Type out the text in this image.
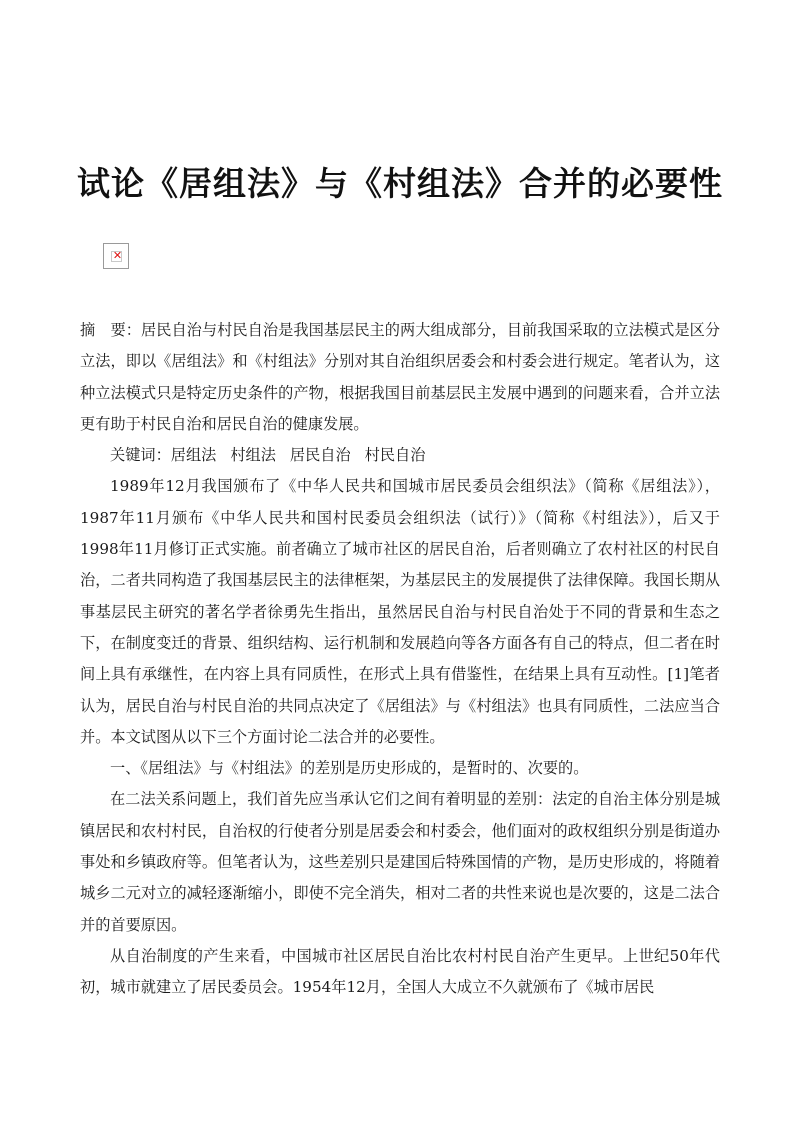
试论《居组法》与《村组法》合并的必要性
✕

摘　要：居民自治与村民自治是我国基层民主的两大组成部分，目前我国采取的立法模式是区分立法，即以《居组法》和《村组法》分别对其自治组织居委会和村委会进行规定。笔者认为，这种立法模式只是特定历史条件的产物，根据我国目前基层民主发展中遇到的问题来看，合并立法更有助于村民自治和居民自治的健康发展。

关键词：居组法 村组法 居民自治 村民自治

1989年12月我国颁布了《中华人民共和国城市居民委员会组织法》（简称《居组法》），1987年11月颁布《中华人民共和国村民委员会组织法（试行）》（简称《村组法》），后又于1998年11月修订正式实施。前者确立了城市社区的居民自治，后者则确立了农村社区的村民自治，二者共同构造了我国基层民主的法律框架，为基层民主的发展提供了法律保障。我国长期从事基层民主研究的著名学者徐勇先生指出，虽然居民自治与村民自治处于不同的背景和生态之下，在制度变迁的背景、组织结构、运行机制和发展趋向等各方面各有自己的特点，但二者在时间上具有承继性，在内容上具有同质性，在形式上具有借鉴性，在结果上具有互动性。[1]笔者认为，居民自治与村民自治的共同点决定了《居组法》与《村组法》也具有同质性，二法应当合并。本文试图从以下三个方面讨论二法合并的必要性。

一、《居组法》与《村组法》的差别是历史形成的，是暂时的、次要的。

在二法关系问题上，我们首先应当承认它们之间有着明显的差别：法定的自治主体分别是城镇居民和农村村民，自治权的行使者分别是居委会和村委会，他们面对的政权组织分别是街道办事处和乡镇政府等。但笔者认为，这些差别只是建国后特殊国情的产物，是历史形成的，将随着城乡二元对立的减轻逐渐缩小，即使不完全消失，相对二者的共性来说也是次要的，这是二法合并的首要原因。

从自治制度的产生来看，中国城市社区居民自治比农村村民自治产生更早。上世纪50年代初，城市就建立了居民委员会。1954年12月，全国人大成立不久就颁布了《城市居民
